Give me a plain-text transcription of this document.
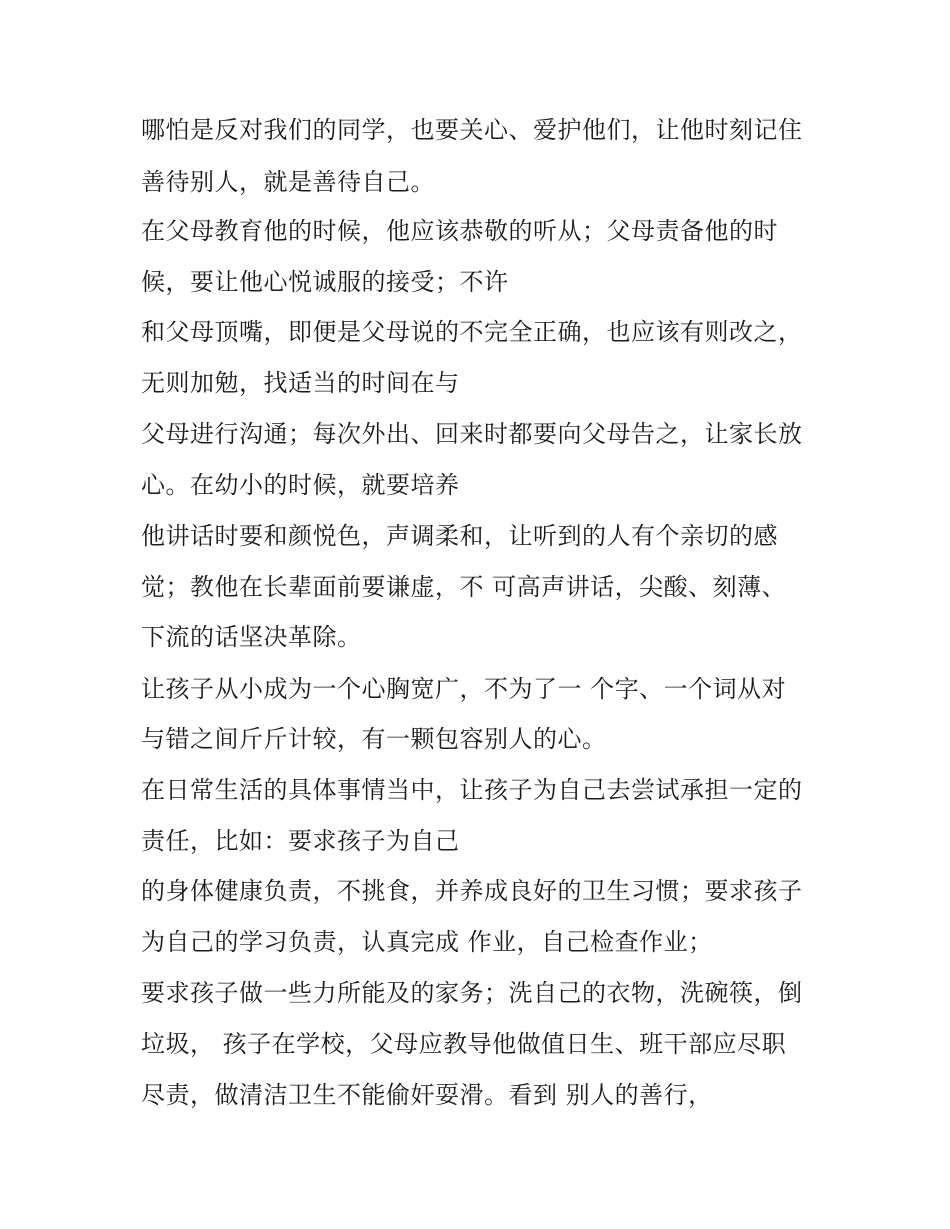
哪怕是反对我们的同学，也要关心、爱护他们，让他时刻记住
善待别人，就是善待自己。
在父母教育他的时候，他应该恭敬的听从；父母责备他的时
候，要让他心悦诚服的接受；不许
和父母顶嘴，即便是父母说的不完全正确，也应该有则改之，
无则加勉，找适当的时间在与
父母进行沟通；每次外出、回来时都要向父母告之，让家长放
心。在幼小的时候，就要培养
他讲话时要和颜悦色，声调柔和，让听到的人有个亲切的感
觉；教他在长辈面前要谦虚，不 可高声讲话，尖酸、刻薄、
下流的话坚决革除。
让孩子从小成为一个心胸宽广，不为了一 个字、一个词从对
与错之间斤斤计较，有一颗包容别人的心。
在日常生活的具体事情当中，让孩子为自己去尝试承担一定的
责任，比如：要求孩子为自己
的身体健康负责，不挑食，并养成良好的卫生习惯；要求孩子
为自己的学习负责，认真完成 作业，自己检查作业；
要求孩子做一些力所能及的家务；洗自己的衣物，洗碗筷，倒
垃圾， 孩子在学校，父母应教导他做值日生、班干部应尽职
尽责，做清洁卫生不能偷奸耍滑。看到 别人的善行，
